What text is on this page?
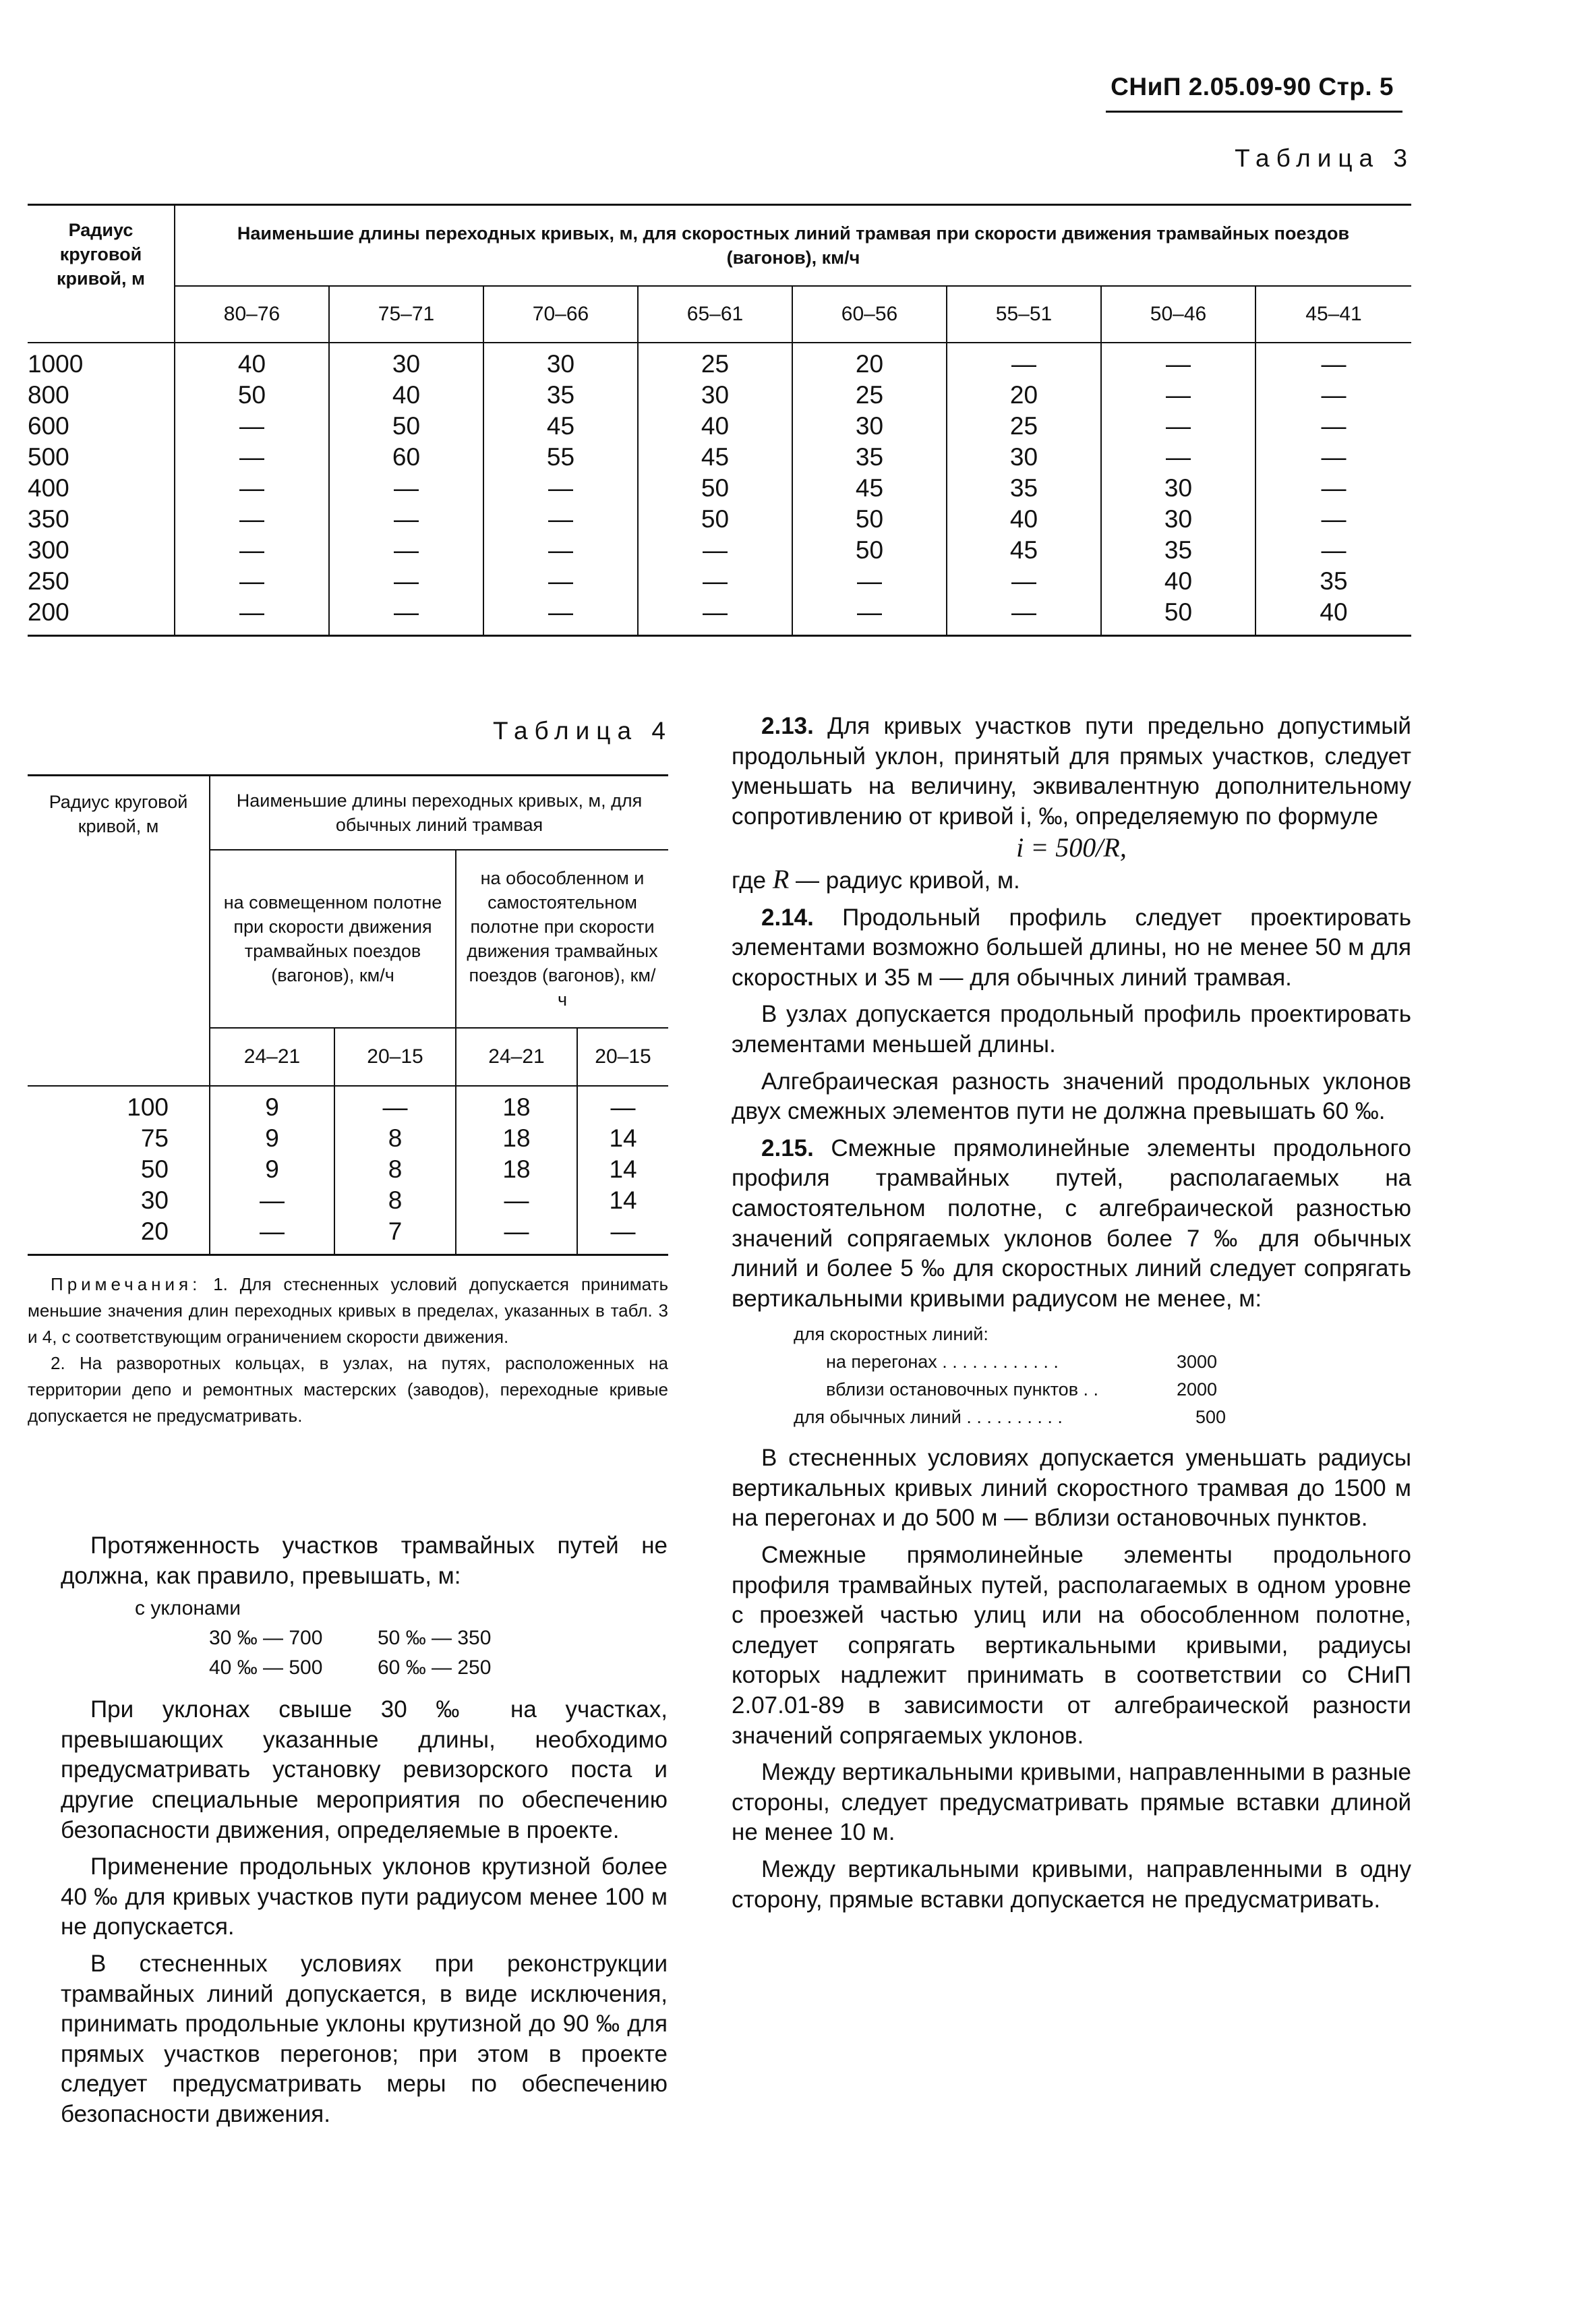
СНиП 2.05.09-90 Стр. 5
Таблица 3
Радиус круговой кривой, м	Наименьшие длины переходных кривых, м, для скоростных линий трамвая при скорости движения трамвайных поездов (вагонов), км/ч							
	80–76	75–71	70–66	65–61	60–56	55–51	50–46	45–41
1000	40	30	30	25	20	—	—	—
800	50	40	35	30	25	20	—	—
600	—	50	45	40	30	25	—	—
500	—	60	55	45	35	30	—	—
400	—	—	—	50	45	35	30	—
350	—	—	—	50	50	40	30	—
300	—	—	—	—	50	45	35	—
250	—	—	—	—	—	—	40	35
200	—	—	—	—	—	—	50	40
Таблица 4
Радиус круговой кривой, м	Наименьшие длины переходных кривых, м, для обычных линий трамвая			
	на совмещенном полотне при скорости движения трамвайных поездов (вагонов), км/ч		на обособленном и самостоятельном полотне при скорости движения трамвайных поездов (вагонов), км/ч	
	24–21	20–15	24–21	20–15
100	9	—	18	—
75	9	8	18	14
50	9	8	18	14
30	—	8	—	14
20	—	7	—	—

Примечания: 1. Для стесненных условий допускается принимать меньшие значения длин переходных кривых в пределах, указанных в табл. 3 и 4, с соответствующим ограничением скорости движения.

2. На разворотных кольцах, в узлах, на путях, расположенных на территории депо и ремонтных мастерских (заводов), переходные кривые допускается не предусматривать.

Протяженность участков трамвайных путей не должна, как правило, превышать, м:

с уклонами
30 ‰ — 700	50 ‰ — 350
40 ‰ — 500	60 ‰ — 250

При уклонах свыше 30 ‰ на участках, превышающих указанные длины, необходимо предусматривать установку ревизорского поста и другие специальные мероприятия по обеспечению безопасности движения, определяемые в проекте.

Применение продольных уклонов крутизной более 40 ‰ для кривых участков пути радиусом менее 100 м не допускается.

В стесненных условиях при реконструкции трамвайных линий допускается, в виде исключения, принимать продольные уклоны крутизной до 90 ‰ для прямых участков перегонов; при этом в проекте следует предусматривать меры по обеспечению безопасности движения.

2.13. Для кривых участков пути предельно допустимый продольный уклон, принятый для прямых участков, следует уменьшать на величину, эквивалентную дополнительному сопротивлению от кривой i, ‰, определяемую по формуле

i = 500/R,

где R — радиус кривой, м.

2.14. Продольный профиль следует проектировать элементами возможно большей длины, но не менее 50 м для скоростных и 35 м — для обычных линий трамвая.

В узлах допускается продольный профиль проектировать элементами меньшей длины.

Алгебраическая разность значений продольных уклонов двух смежных элементов пути не должна превышать 60 ‰.

2.15. Смежные прямолинейные элементы продольного профиля трамвайных путей, располагаемых на самостоятельном полотне, с алгебраической разностью значений сопрягаемых уклонов более 7 ‰ для обычных линий и более 5 ‰ для скоростных линий следует сопрягать вертикальными кривыми радиусом не менее, м:

для скоростных линий:
на перегонах . . . . . . . . . . . .	3000
вблизи остановочных пунктов . .	2000
для обычных линий . . . . . . . . . .	500

В стесненных условиях допускается уменьшать радиусы вертикальных кривых линий скоростного трамвая до 1500 м на перегонах и до 500 м — вблизи остановочных пунктов.

Смежные прямолинейные элементы продольного профиля трамвайных путей, располагаемых в одном уровне с проезжей частью улиц или на обособленном полотне, следует сопрягать вертикальными кривыми, радиусы которых надлежит принимать в соответствии со СНиП 2.07.01-89 в зависимости от алгебраической разности значений сопрягаемых уклонов.

Между вертикальными кривыми, направленными в разные стороны, следует предусматривать прямые вставки длиной не менее 10 м.

Между вертикальными кривыми, направленными в одну сторону, прямые вставки допускается не предусматривать.
